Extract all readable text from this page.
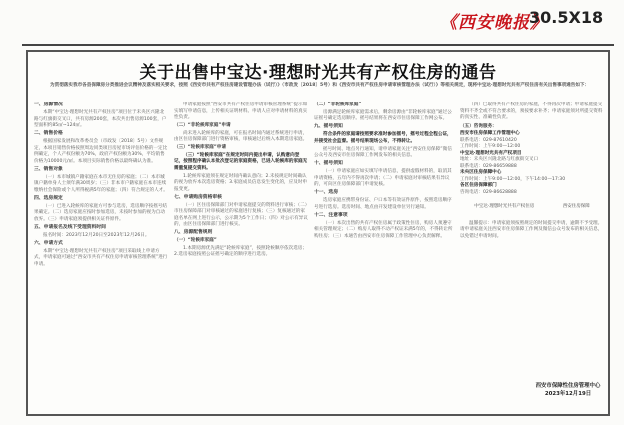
《西安晚报》
30.5X18
关于出售中宝达·理想时光共有产权住房的通告
为贯彻落实我市各县保障房分类推进会议精神及落实相关要求，按照《西安市共有产权住房建设管理办法（试行）》（市政发〔2018〕5号）和《西安市共有产权住房申请审核管理办法（试行）》等相关规定，现将中宝达·理想时光共有产权住房有关出售事项通告如下：
一、房源情况
本期“中宝达·理想时光共有产权住房”项目位于未央区兴隆北路与红旗街交叉口，共有房源200套，本次共出售房源100套，户型面积约85㎡~124㎡。
二、销售价格
根据国家发展和改革委员会（市政发〔2018〕5号）文件规定，本项目销售价格按照周边同类项目房屋市场评估价格的一定比例确定，个人产权份额为70%，政府产权份额为30%，平均销售价格为10000元/㎡。本项目实际销售价格以最终确认为准。
三、销售对象
（一）本市城镇户籍家庭在本市无住房的家庭；（二）本市城镇户籍单身人士须年满30周岁；（三）非本市户籍家庭在本市连续缴纳社会保险或个人所得税满5年的家庭；（四）符合规定的人才。
四、选房规定
（一）已进入轮候库的家庭方可参与选房，选房顺序按摇号结果确定。（二）选房家庭应按时参加选房，未按时参加的视为自动放弃。（三）申请家庭须提供相关证件原件。
五、申请报名及线下受理资料时间
报名时间：2023年12月20日至2023年12月26日。
六、申请方式
本期“中宝达·理想时光共有产权住房”项目采取线上申请方式，申请家庭可通过“西安市共有产权住房申请审核管理系统”进行申请。
申请家庭按照“西安市共有产权住房申请审核管理系统”提示如实填写申请信息，上传相关证明材料。申请人应对申请材料的真实性负责。
（二）“非轮候库家庭”申请
尚未进入轮候库的家庭，可在报名时间内通过系统进行申请，由区住房保障部门进行资格审核，审核通过后纳入本期选房家庭。
（三）“轮候库家庭”申请
（三）“轮候库家庭”在规定时间内提出申请，认购意向登记，按照程序确认本批次登记的家庭资格，已进入轮候库的家庭无需重复提交资料。
1.轮候库家庭须在规定时间内确认意向；2.未按规定时间确认的视为放弃本次选房资格；3.家庭成员信息发生变化的，应及时申报变更。
七、申请购房资格审核
（一）区住房保障部门对申请家庭提交的资料进行审核；（二）市住房保障部门对审核通过的家庭进行复核；（三）复核通过的家庭名单在网上进行公示，公示期为5个工作日；（四）对公示有异议的，由区住房保障部门进行核实。
八、房源配售规则
（一）“轮候库家庭”
1.本期房源优先满足“轮候库家庭”，按照轮候顺序依次选房；2.选房家庭按照公证摇号确定的顺序进行选房。
（二）“非轮候库家庭”
房源满足轮候库家庭需求后，剩余房源由“非轮候库家庭”通过公证摇号确定选房顺序。摇号结果将在西安市住房保障工作网公布。
九、摇号须知
符合条件的家庭请按照要求准时参加摇号，摇号过程全程公证，并接受社会监督。摇号结果现场公布，不得转让。
摇号时间、地点另行通知，请申请家庭关注“西安住房保障”微信公众号及西安市住房保障工作网发布的相关信息。
十、摇号须知
（一）申请家庭应如实填写申请信息，提供虚假材料的，取消其申请资格，五年内不得再次申请；（二）申请家庭对审核结果有异议的，可向区住房保障部门申请复核。
十一、选房
选房家庭应携带身份证、户口本等有效证件原件，按照选房顺序号进行选房。选房时间、地点由开发建设单位另行通知。
十二、注意事项
（一）本次出售的共有产权住房属于政策性住房，购房人须遵守相关管理规定；（二）购房人取得不动产权证未满5年的，不得转让所购住房；（三）本通告由西安市住房保障工作管理中心负责解释。
（四）已取得共有产权住房的家庭，不得再次申请；申请家庭提交资料不齐全或不符合要求的，须按要求补齐；申请家庭须对所提交资料的真实性、准确性负责。
（五）咨询服务：
西安市住房保障工作管理中心
联系电话：029-87610420
工作时间：上午9:00—12:00
中宝达·理想时光共有产权项目
地址：未央区兴隆北路与红旗街交叉口
联系电话：029-86659888
未央区住房保障中心
工作时间：上午9:00—12:00，下午14:00—17:30
各区住房保障部门
咨询电话：029-86628888
中宝达·理想时光共有产权住房	西安住房保障
温馨提示：申请家庭须按照规定的时间提交申请，逾期不予受理。请申请家庭关注西安市住房保障工作网及微信公众号发布的相关信息，以免错过申请时间。
西安市保障性住房管理中心
2023年12月19日
